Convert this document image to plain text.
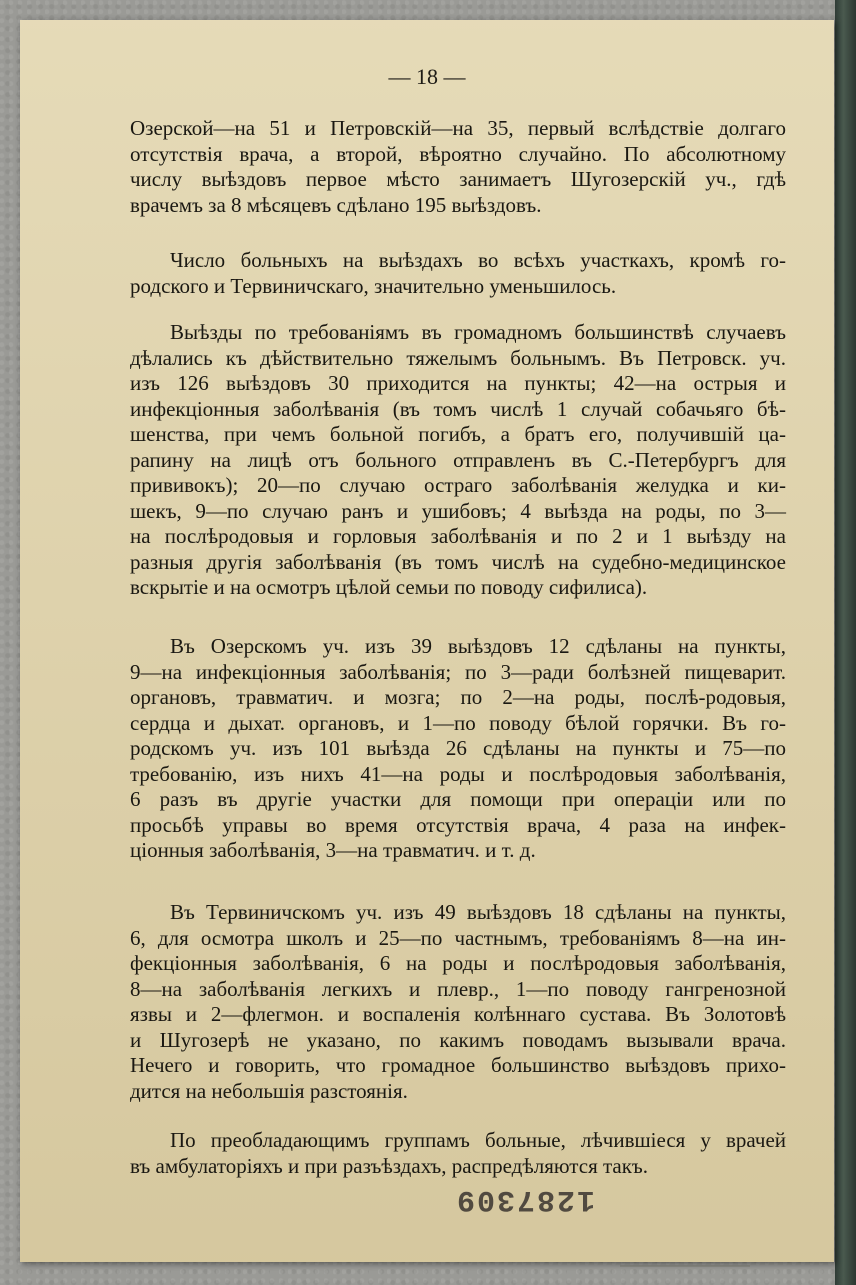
— 18 —
Озерской—на 51 и Петровскій—на 35, первый вслѣдствіе долгаго
отсутствія врача, а второй, вѣроятно случайно. По абсолютному
числу выѣздовъ первое мѣсто занимаетъ Шугозерскій уч., гдѣ
врачемъ за 8 мѣсяцевъ сдѣлано 195 выѣздовъ.
Число больныхъ на выѣздахъ во всѣхъ участкахъ, кромѣ го-
родского и Тервиничскаго, значительно уменьшилось.
Выѣзды по требованіямъ въ громадномъ большинствѣ случаевъ
дѣлались къ дѣйствительно тяжелымъ больнымъ. Въ Петровск. уч.
изъ 126 выѣздовъ 30 приходится на пункты; 42—на острыя и
инфекціонныя заболѣванія (въ томъ числѣ 1 случай собачьяго бѣ-
шенства, при чемъ больной погибъ, а братъ его, получившій ца-
рапину на лицѣ отъ больного отправленъ въ С.-Петербургъ для
прививокъ); 20—по случаю остраго заболѣванія желудка и ки-
шекъ, 9—по случаю ранъ и ушибовъ; 4 выѣзда на роды, по 3—
на послѣродовыя и горловыя заболѣванія и по 2 и 1 выѣзду на
разныя другія заболѣванія (въ томъ числѣ на судебно-медицинское
вскрытіе и на осмотръ цѣлой семьи по поводу сифилиса).
Въ Озерскомъ уч. изъ 39 выѣздовъ 12 сдѣланы на пункты,
9—на инфекціонныя заболѣванія; по 3—ради болѣзней пищеварит.
органовъ, травматич. и мозга; по 2—на роды, послѣ-родовыя,
сердца и дыхат. органовъ, и 1—по поводу бѣлой горячки. Въ го-
родскомъ уч. изъ 101 выѣзда 26 сдѣланы на пункты и 75—по
требованію, изъ нихъ 41—на роды и послѣродовыя заболѣванія,
6 разъ въ другіе участки для помощи при операціи или по
просьбѣ управы во время отсутствія врача, 4 раза на инфек-
ціонныя заболѣванія, 3—на травматич. и т. д.
Въ Тервиничскомъ уч. изъ 49 выѣздовъ 18 сдѣланы на пункты,
6, для осмотра школъ и 25—по частнымъ, требованіямъ 8—на ин-
фекціонныя заболѣванія, 6 на роды и послѣродовыя заболѣванія,
8—на заболѣванія легкихъ и плевр., 1—по поводу гангренозной
язвы и 2—флегмон. и воспаленія колѣннаго сустава. Въ Золотовѣ
и Шугозерѣ не указано, по какимъ поводамъ вызывали врача.
Нечего и говорить, что громадное большинство выѣздовъ прихо-
дится на небольшія разстоянія.
По преобладающимъ группамъ больные, лѣчившіеся у врачей
въ амбулаторіяхъ и при разъѣздахъ, распредѣляются такъ.
1287309
